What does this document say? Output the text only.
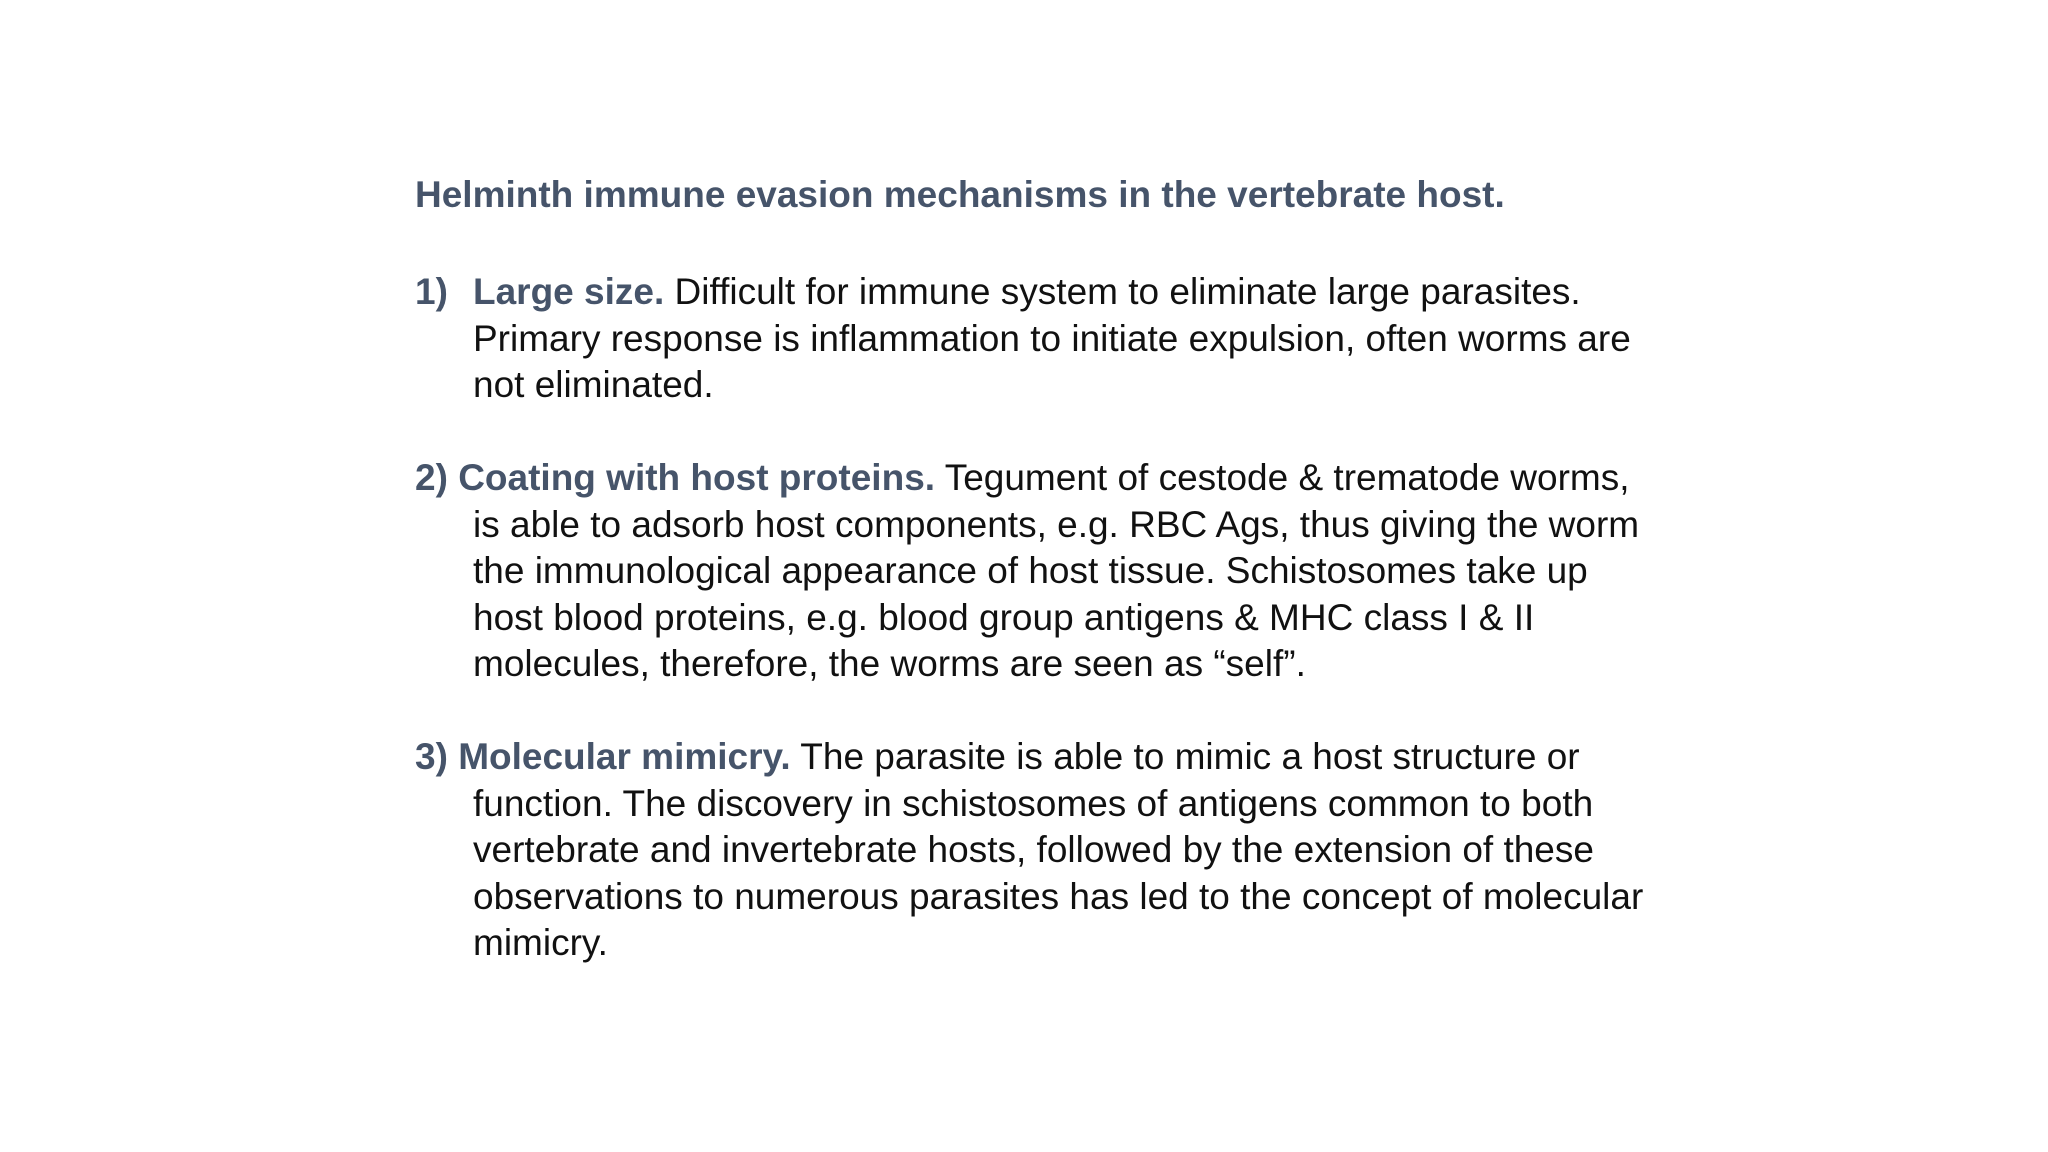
Helminth immune evasion mechanisms in the vertebrate host.
1) Large size. Difficult for immune system to eliminate large parasites.
Primary response is inflammation to initiate expulsion, often worms are
not eliminated.
2) Coating with host proteins. Tegument of cestode & trematode worms,
is able to adsorb host components, e.g. RBC Ags, thus giving the worm
the immunological appearance of host tissue. Schistosomes take up
host blood proteins, e.g. blood group antigens & MHC class I & II
molecules, therefore, the worms are seen as “self”.
3) Molecular mimicry. The parasite is able to mimic a host structure or
function. The discovery in schistosomes of antigens common to both
vertebrate and invertebrate hosts, followed by the extension of these
observations to numerous parasites has led to the concept of molecular
mimicry.
